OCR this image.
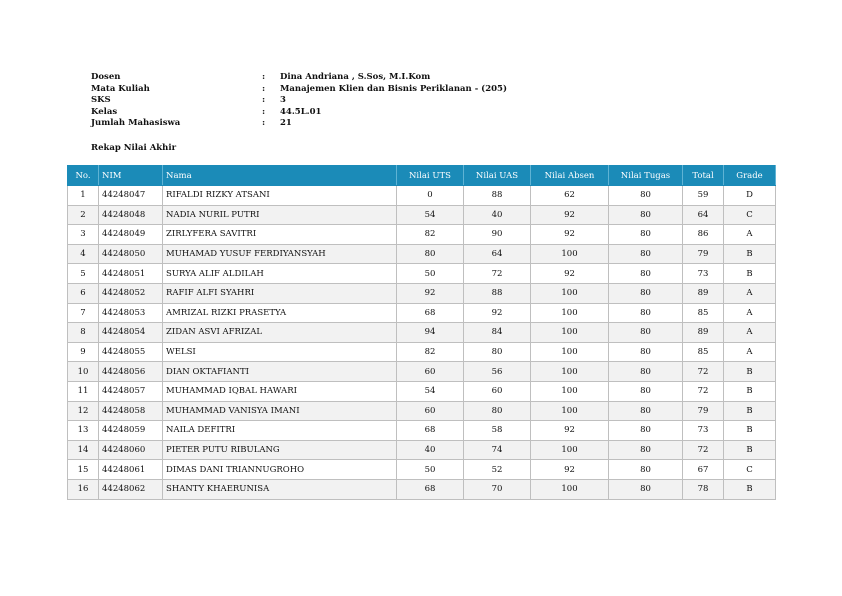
Dosen	:	Dina Andriana , S.Sos, M.I.Kom
Mata Kuliah	:	Manajemen Klien dan Bisnis Periklanan - (205)
SKS	:	3
Kelas	:	44.5L.01
Jumlah Mahasiswa	:	21
Rekap Nilai Akhir
No.	NIM	Nama	Nilai UTS	Nilai UAS	Nilai Absen	Nilai Tugas	Total	Grade
1	44248047	RIFALDI RIZKY ATSANI	0	88	62	80	59	D
2	44248048	NADIA NURIL PUTRI	54	40	92	80	64	C
3	44248049	ZIRLYFERA SAVITRI	82	90	92	80	86	A
4	44248050	MUHAMAD YUSUF FERDIYANSYAH	80	64	100	80	79	B
5	44248051	SURYA ALIF ALDILAH	50	72	92	80	73	B
6	44248052	RAFIF ALFI SYAHRI	92	88	100	80	89	A
7	44248053	AMRIZAL RIZKI PRASETYA	68	92	100	80	85	A
8	44248054	ZIDAN ASVI AFRIZAL	94	84	100	80	89	A
9	44248055	WELSI	82	80	100	80	85	A
10	44248056	DIAN OKTAFIANTI	60	56	100	80	72	B
11	44248057	MUHAMMAD IQBAL HAWARI	54	60	100	80	72	B
12	44248058	MUHAMMAD VANISYA IMANI	60	80	100	80	79	B
13	44248059	NAILA DEFITRI	68	58	92	80	73	B
14	44248060	PIETER PUTU RIBULANG	40	74	100	80	72	B
15	44248061	DIMAS DANI TRIANNUGROHO	50	52	92	80	67	C
16	44248062	SHANTY KHAERUNISA	68	70	100	80	78	B
